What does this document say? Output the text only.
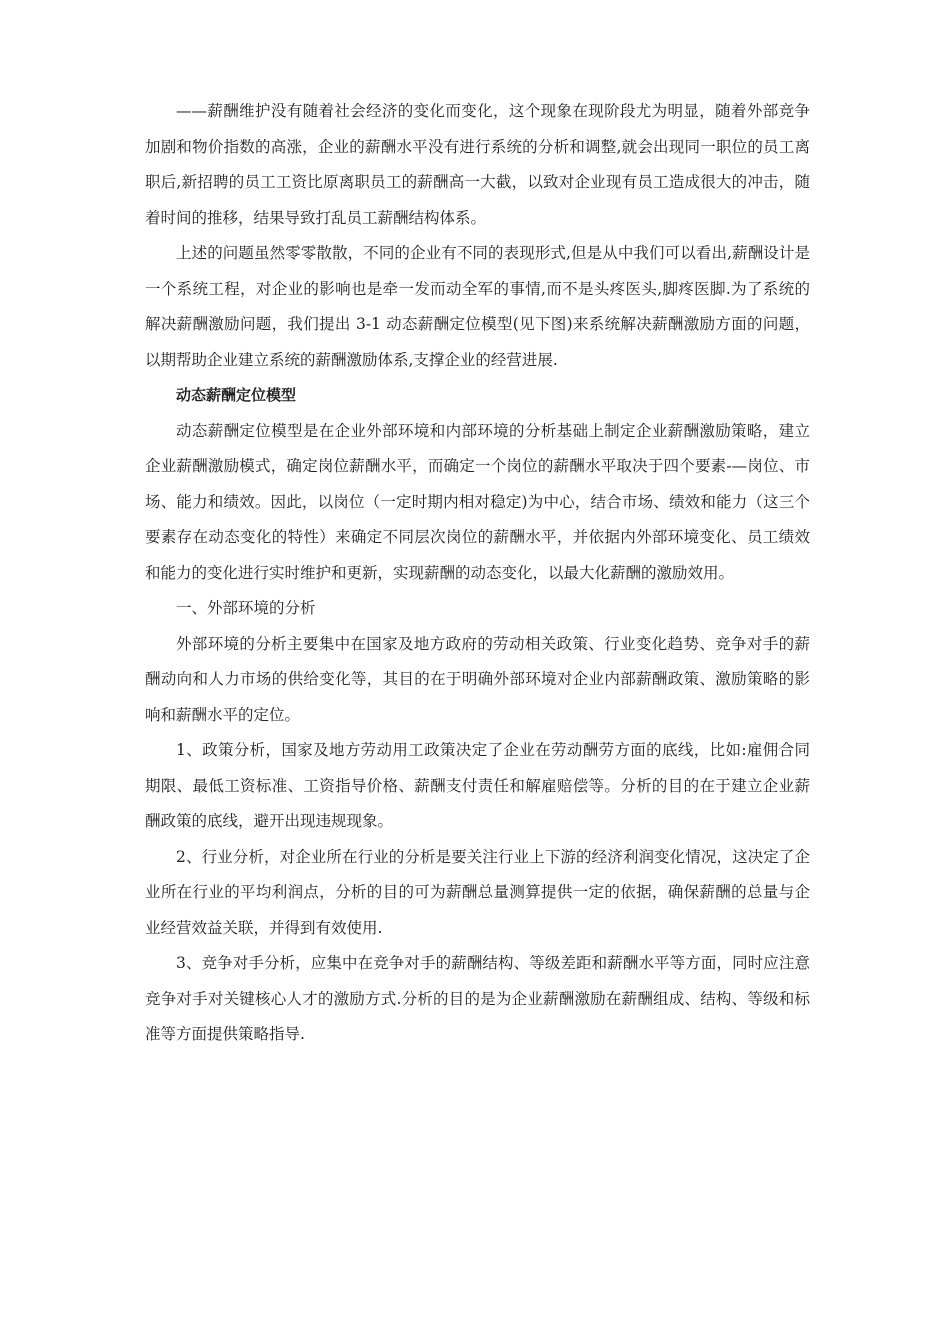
——薪酬维护没有随着社会经济的变化而变化，这个现象在现阶段尤为明显，随着外部竞争加剧和物价指数的高涨，企业的薪酬水平没有进行系统的分析和调整,就会出现同一职位的员工离职后,新招聘的员工工资比原离职员工的薪酬高一大截，以致对企业现有员工造成很大的冲击，随着时间的推移，结果导致打乱员工薪酬结构体系。

上述的问题虽然零零散散，不同的企业有不同的表现形式,但是从中我们可以看出,薪酬设计是一个系统工程，对企业的影响也是牵一发而动全军的事情,而不是头疼医头,脚疼医脚.为了系统的解决薪酬激励问题，我们提出 3-1 动态薪酬定位模型(见下图)来系统解决薪酬激励方面的问题，以期帮助企业建立系统的薪酬激励体系,支撑企业的经营进展.

动态薪酬定位模型

动态薪酬定位模型是在企业外部环境和内部环境的分析基础上制定企业薪酬激励策略，建立企业薪酬激励模式，确定岗位薪酬水平，而确定一个岗位的薪酬水平取决于四个要素-—岗位、市场、能力和绩效。因此，以岗位（一定时期内相对稳定)为中心，结合市场、绩效和能力（这三个要素存在动态变化的特性）来确定不同层次岗位的薪酬水平，并依据内外部环境变化、员工绩效和能力的变化进行实时维护和更新，实现薪酬的动态变化，以最大化薪酬的激励效用。

一、外部环境的分析

外部环境的分析主要集中在国家及地方政府的劳动相关政策、行业变化趋势、竞争对手的薪酬动向和人力市场的供给变化等，其目的在于明确外部环境对企业内部薪酬政策、激励策略的影响和薪酬水平的定位。

1、政策分析，国家及地方劳动用工政策决定了企业在劳动酬劳方面的底线，比如:雇佣合同期限、最低工资标准、工资指导价格、薪酬支付责任和解雇赔偿等。分析的目的在于建立企业薪酬政策的底线，避开出现违规现象。

2、行业分析，对企业所在行业的分析是要关注行业上下游的经济利润变化情况，这决定了企业所在行业的平均利润点，分析的目的可为薪酬总量测算提供一定的依据，确保薪酬的总量与企业经营效益关联，并得到有效使用.

3、竞争对手分析，应集中在竞争对手的薪酬结构、等级差距和薪酬水平等方面，同时应注意竞争对手对关键核心人才的激励方式.分析的目的是为企业薪酬激励在薪酬组成、结构、等级和标准等方面提供策略指导.
